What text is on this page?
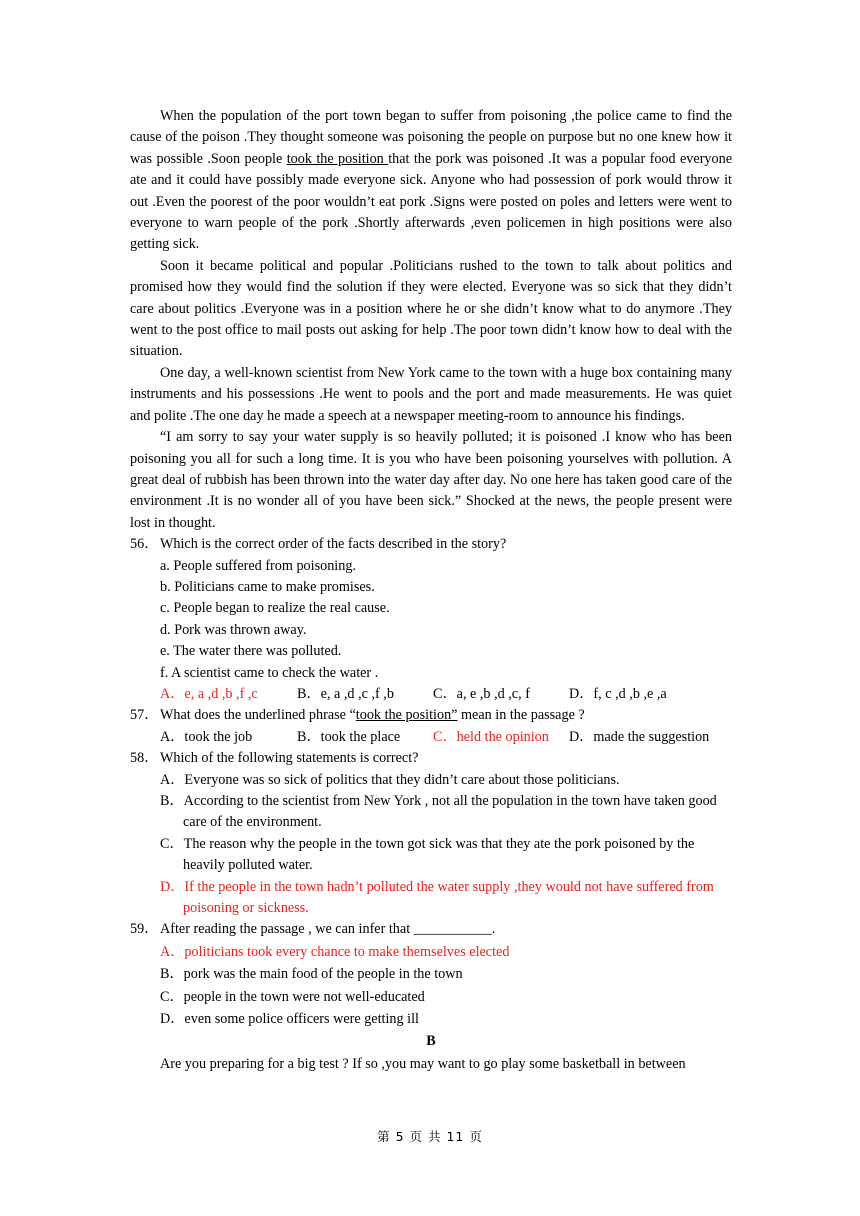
When the population of the port town began to suffer from poisoning ,the police came to find the cause of the poison .They thought someone was poisoning the people on purpose but no one knew how it was possible .Soon people took the position that the pork was poisoned .It was a popular food everyone ate and it could have possibly made everyone sick. Anyone who had possession of pork would throw it out .Even the poorest of the poor wouldn’t eat pork .Signs were posted on poles and letters were went to everyone to warn people of the pork .Shortly afterwards ,even policemen in high positions were also getting sick.

Soon it became political and popular .Politicians rushed to the town to talk about politics and promised how they would find the solution if they were elected. Everyone was so sick that they didn’t care about politics .Everyone was in a position where he or she didn’t know what to do anymore .They went to the post office to mail posts out asking for help .The poor town didn’t know how to deal with the situation.

One day, a well-known scientist from New York came to the town with a huge box containing many instruments and his possessions .He went to pools and the port and made measurements. He was quiet and polite .The one day he made a speech at a newspaper meeting-room to announce his findings.

“I am sorry to say your water supply is so heavily polluted; it is poisoned .I know who has been poisoning you all for such a long time. It is you who have been poisoning yourselves with pollution. A great deal of rubbish has been thrown into the water day after day. No one here has taken good care of the environment .It is no wonder all of you have been sick.” Shocked at the news, the people present were lost in thought.

56． Which is the correct order of the facts described in the story?

a. People suffered from poisoning.

b. Politicians came to make promises.

c. People began to realize the real cause.

d. Pork was thrown away.

e. The water there was polluted.

f. A scientist came to check the water .

A．e, a ,d ,b ,f ,c	B．e, a ,d ,c ,f ,b	C．a, e ,b ,d ,c, f	D．f, c ,d ,b ,e ,a
57． What does the underlined phrase “took the position” mean in the passage ?
A．took the job	B．took the place	C．held the opinion	D．made the suggestion
58． Which of the following statements is correct?

A．Everyone was so sick of politics that they didn’t care about those politicians.

B．According to the scientist from New York , not all the population in the town have taken good care of the environment.

C．The reason why the people in the town got sick was that they ate the pork poisoned by the heavily polluted water.

D．If the people in the town hadn’t polluted the water supply ,they would not have suffered from poisoning or sickness.

59． After reading the passage , we can infer that ___________.

A．politicians took every chance to make themselves elected

B．pork was the main food of the people in the town

C．people in the town were not well-educated

D．even some police officers were getting ill

B

Are you preparing for a big test ? If so ,you may want to go play some basketball in between

第 5 页 共 11 页
